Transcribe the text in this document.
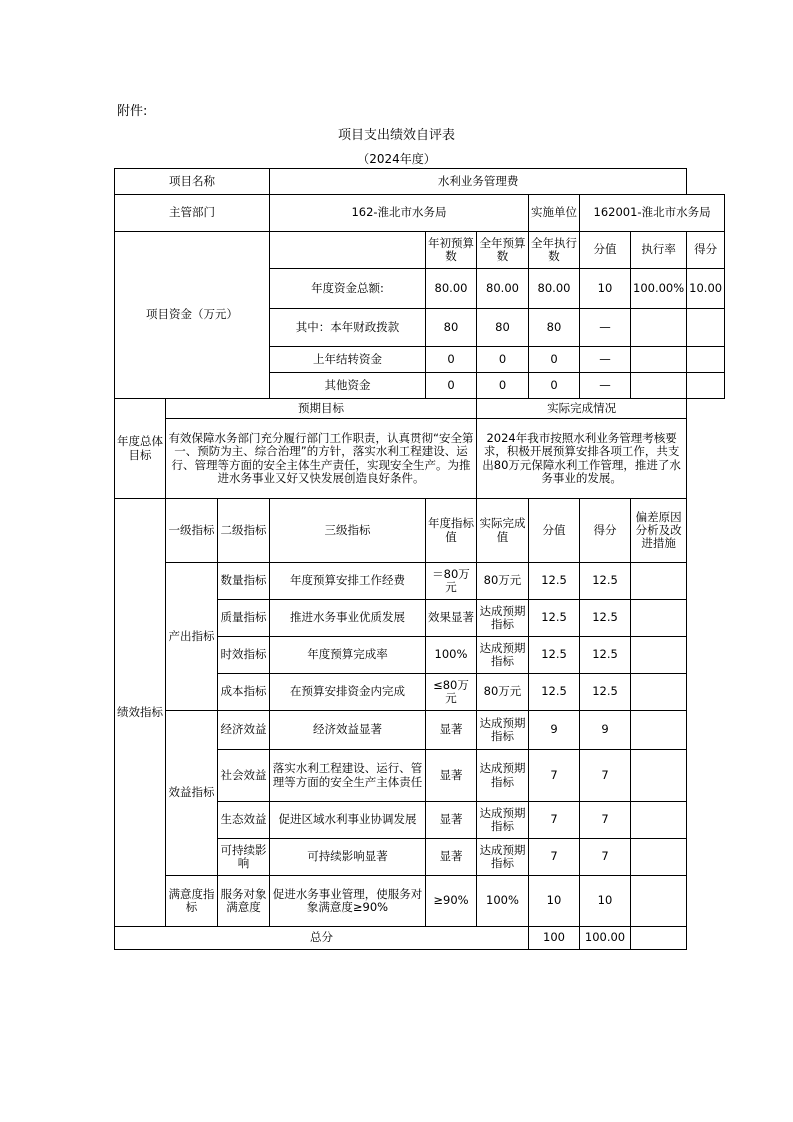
附件:
项目支出绩效自评表
（2024年度）
项目名称			水利业务管理费						
主管部门			162-淮北市水务局			实施单位	162001-淮北市水务局		
项目资金（万元）				年初预算数	全年预算数	全年执行数	分值	执行率	得分
			年度资金总额:	80.00	80.00	80.00	10	100.00%	10.00
			其中：本年财政拨款	80	80	80	—		
			上年结转资金	0	0	0	—		
			其他资金	0	0	0	—		
年度总体目标	预期目标				实际完成情况				
	有效保障水务部门充分履行部门工作职责，认真贯彻“安全第一、预防为主、综合治理”的方针，落实水利工程建设、运行、管理等方面的安全主体生产责任，实现安全生产。为推进水务事业又好又快发展创造良好条件。				2024年我市按照水利业务管理考核要求，积极开展预算安排各项工作，共支出80万元保障水利工作管理，推进了水务事业的发展。				
绩效指标	一级指标	二级指标	三级指标	年度指标值	实际完成值	分值	得分	偏差原因分析及改进措施	
	产出指标	数量指标	年度预算安排工作经费	＝80万元	80万元	12.5	12.5		
		质量指标	推进水务事业优质发展	效果显著	达成预期指标	12.5	12.5		
		时效指标	年度预算完成率	100%	达成预期指标	12.5	12.5		
		成本指标	在预算安排资金内完成	≤80万元	80万元	12.5	12.5		
	效益指标	经济效益	经济效益显著	显著	达成预期指标	9	9		
		社会效益	落实水利工程建设、运行、管理等方面的安全生产主体责任	显著	达成预期指标	7	7		
		生态效益	促进区域水利事业协调发展	显著	达成预期指标	7	7		
		可持续影响	可持续影响显著	显著	达成预期指标	7	7		
	满意度指标	服务对象满意度	促进水务事业管理，使服务对象满意度≥90%	≥90%	100%	10	10		
总分						100	100.00		
